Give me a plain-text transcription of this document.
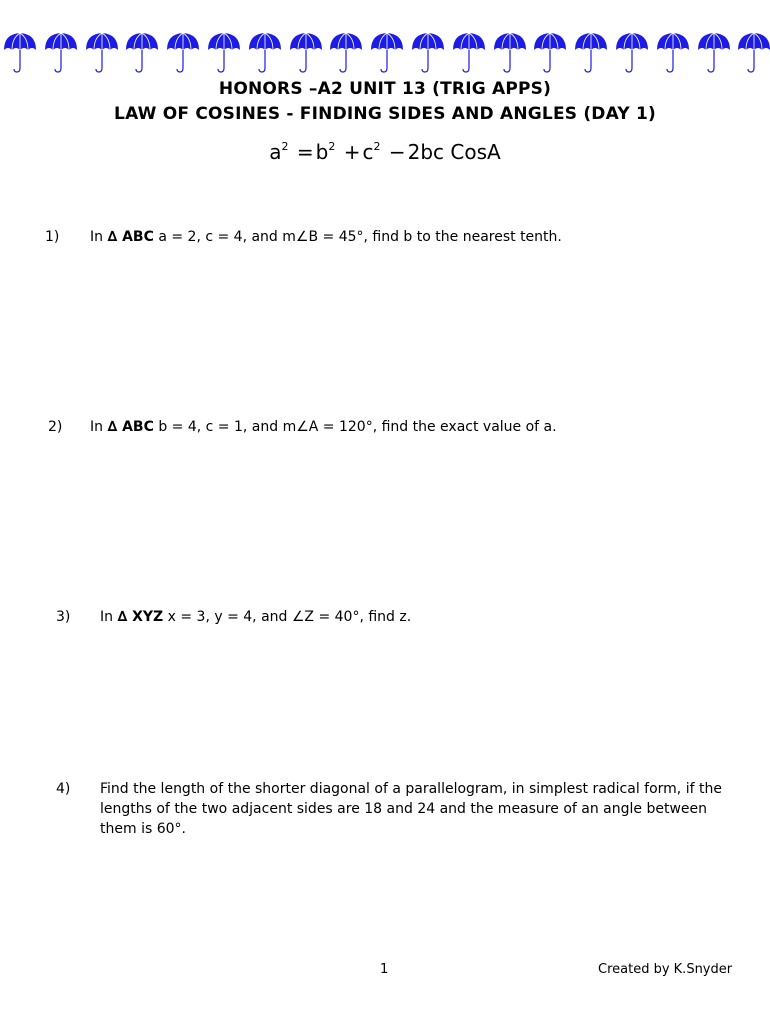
HONORS –A2 UNIT 13 (TRIG APPS)
LAW OF COSINES - FINDING SIDES AND ANGLES (DAY 1)
$a^2 = b^2 + c^2 - 2bc$ CosA
1) In ∆ ABC a = 2, c = 4, and m∠B = 45°, find b to the nearest tenth.
2) In ∆ ABC b = 4, c = 1, and m∠A = 120°, find the exact value of a.
3) In ∆ XYZ x = 3, y = 4, and ∠Z = 40°, find z.
4) Find the length of the shorter diagonal of a parallelogram, in simplest radical form, if the lengths of the two adjacent sides are 18 and 24 and the measure of an angle between them is 60°.
1	Created by K.Snyder
